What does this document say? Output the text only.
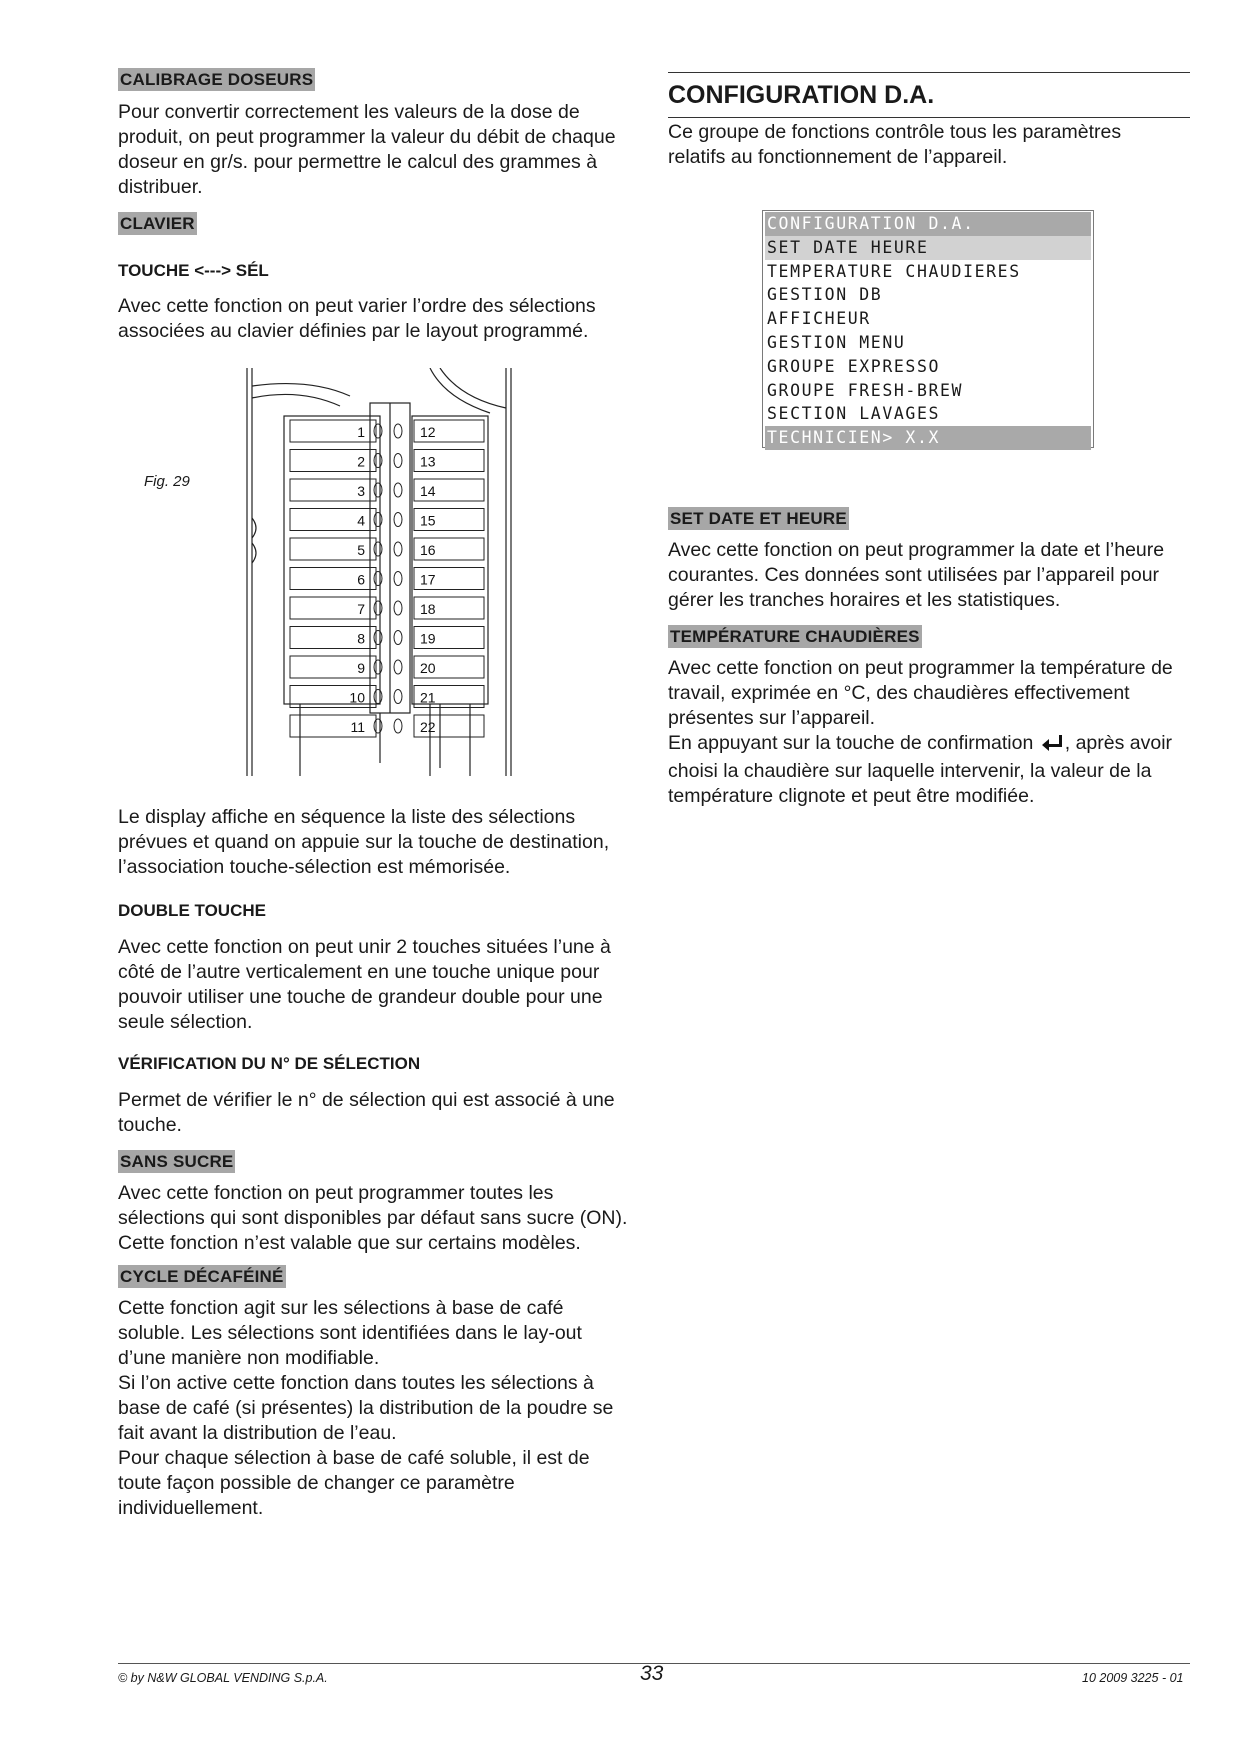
CALIBRAGE DOSEURS

Pour convertir correctement les valeurs de la dose de produit, on peut programmer la valeur du débit de chaque doseur en gr/s. pour permettre le calcul des grammes à distribuer.

CLAVIER
TOUCHE <---> SÉL

Avec cette fonction on peut varier l’ordre des sélections associées au clavier définies par le layout programmé.

Fig. 29
1	12
2	13
3	14
4	15
5	16
6	17
7	18
8	19
9	20
10	21
11	22

Le display affiche en séquence la liste des sélections prévues et quand on appuie sur la touche de destination, l’association touche-sélection est mémorisée.

DOUBLE TOUCHE

Avec cette fonction on peut unir 2 touches situées l’une à côté de l’autre verticalement en une touche unique pour pouvoir utiliser une touche de grandeur double pour une seule sélection.

VÉRIFICATION DU N° DE SÉLECTION

Permet de vérifier le n° de sélection qui est associé à une touche.

SANS SUCRE

Avec cette fonction on peut programmer toutes les sélections qui sont disponibles par défaut sans sucre (ON). Cette fonction n’est valable que sur certains modèles.

CYCLE DÉCAFÉINÉ

Cette fonction agit sur les sélections à base de café soluble. Les sélections sont identifiées dans le lay-out d’une manière non modifiable.

Si l’on active cette fonction dans toutes les sélections à base de café (si présentes) la distribution de la poudre se fait avant la distribution de l’eau.

Pour chaque sélection à base de café soluble, il est de toute façon possible de changer ce paramètre individuellement.

CONFIGURATION D.A.

Ce groupe de fonctions contrôle tous les paramètres relatifs au fonctionnement de l’appareil.

CONFIGURATION D.A.
SET DATE HEURE
TEMPERATURE CHAUDIERES
GESTION DB
AFFICHEUR
GESTION MENU
GROUPE EXPRESSO
GROUPE FRESH-BREW
SECTION LAVAGES
TECHNICIEN> X.X
SET DATE ET HEURE

Avec cette fonction on peut programmer la date et l’heure courantes. Ces données sont utilisées par l’appareil pour gérer les tranches horaires et les statistiques.

TEMPÉRATURE CHAUDIÈRES

Avec cette fonction on peut programmer la température de travail, exprimée en °C, des chaudières effectivement présentes sur l’appareil.

En appuyant sur la touche de confirmation , après avoir choisi la chaudière sur laquelle intervenir, la valeur de la température clignote et peut être modifiée.

© by N&W GLOBAL VENDING S.p.A.	33	10 2009 3225 - 01
